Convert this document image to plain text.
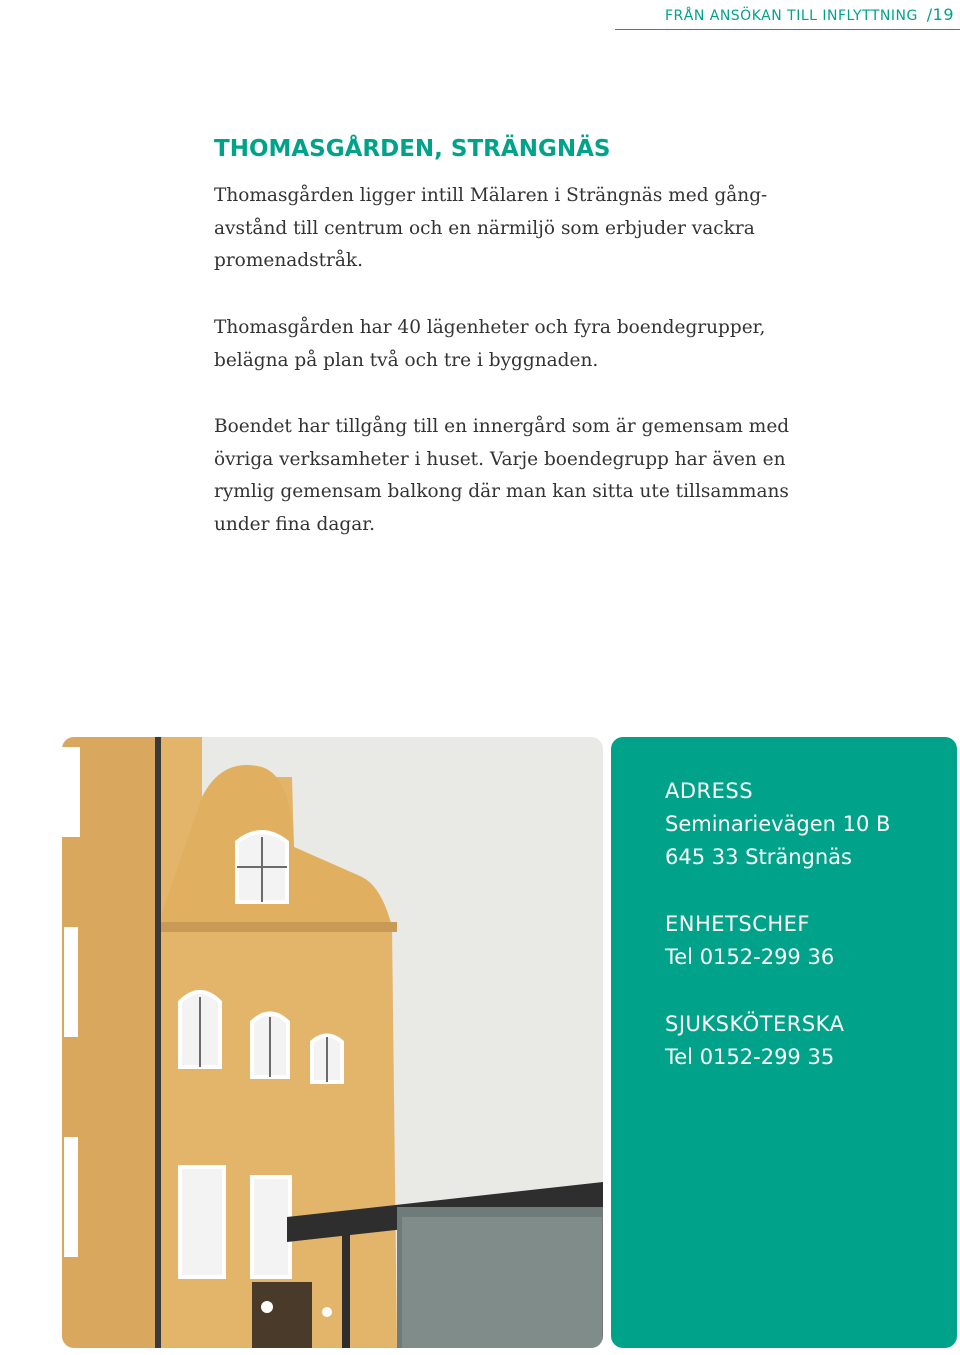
FRÅN ANSÖKAN TILL INFLYTTNING /19
THOMASGÅRDEN, STRÄNGNÄS

Thomasgården ligger intill Mälaren i Strängnäs med gång-avstånd till centrum och en närmiljö som erbjuder vackra promenadstråk.

Thomasgården har 40 lägenheter och fyra boendegrupper, belägna på plan två och tre i byggnaden.

Boendet har tillgång till en innergård som är gemensam med övriga verksamheter i huset. Varje boendegrupp har även en rymlig gemensam balkong där man kan sitta ute tillsammans under fina dagar.

ADRESS
Seminarievägen 10 B
645 33 Strängnäs
ENHETSCHEF
Tel 0152-299 36
SJUKSKÖTERSKA
Tel 0152-299 35
